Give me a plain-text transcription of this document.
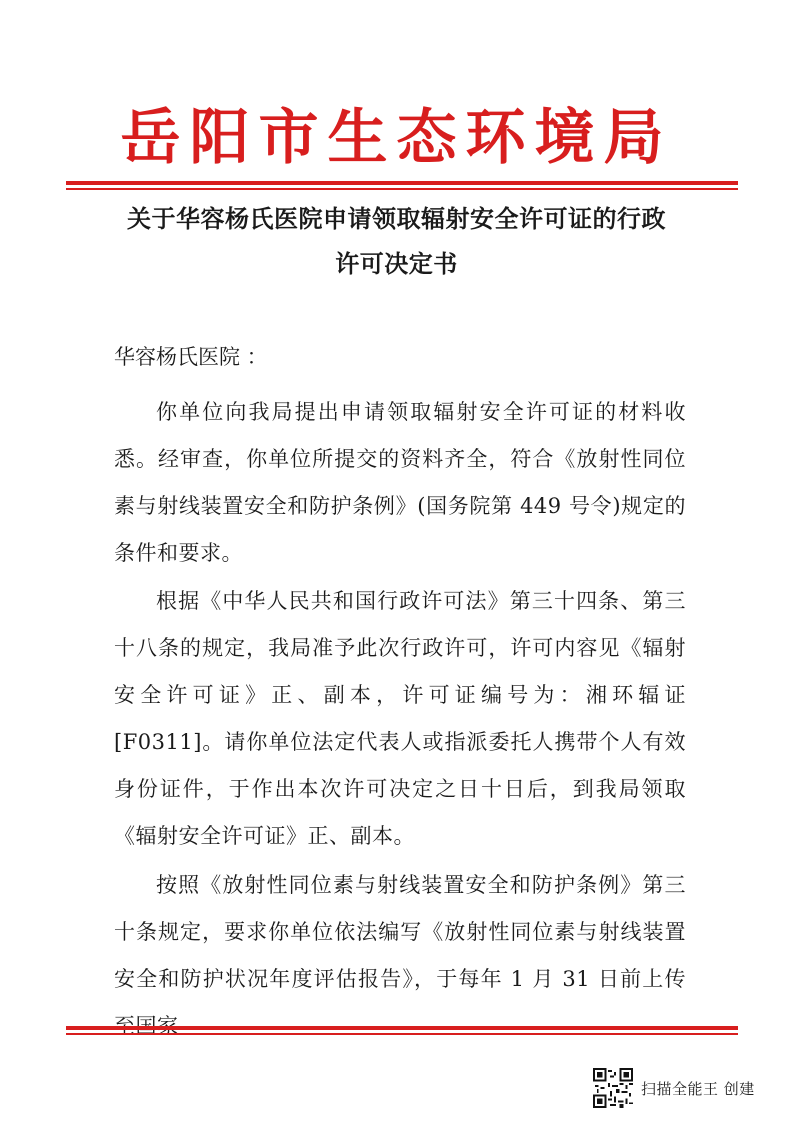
岳阳市生态环境局
关于华容杨氏医院申请领取辐射安全许可证的行政
许可决定书
华容杨氏医院 ：
你单位向我局提出申请领取辐射安全许可证的材料收悉。经审查，你单位所提交的资料齐全，符合《放射性同位素与射线装置安全和防护条例》(国务院第 449 号令)规定的条件和要求。
根据《中华人民共和国行政许可法》第三十四条、第三十八条的规定，我局准予此次行政许可，许可内容见《辐射安全许可证》正、副本，许可证编号为：湘环辐证[F0311]。请你单位法定代表人或指派委托人携带个人有效身份证件，于作出本次许可决定之日十日后，到我局领取《辐射安全许可证》正、副本。
按照《放射性同位素与射线装置安全和防护条例》第三十条规定，要求你单位依法编写《放射性同位素与射线装置安全和防护状况年度评估报告》，于每年 1 月 31 日前上传
扫描全能王 创建
